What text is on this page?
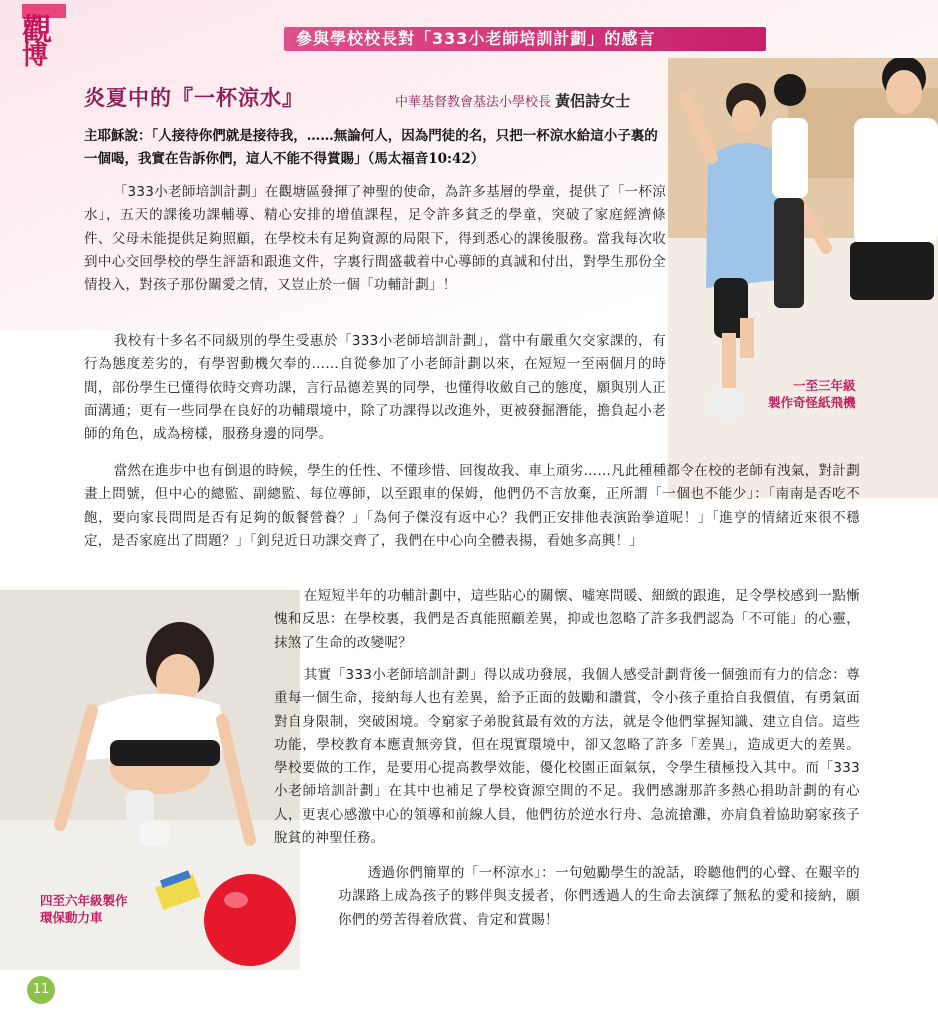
觀
博
參與學校校長對「333小老師培訓計劃」的感言
炎夏中的『一杯涼水』	中華基督教會基法小學校長 黃侶詩女士
主耶穌說：「人接待你們就是接待我，……無論何人，因為門徒的名，只把一杯涼水給這小子裏的一個喝，我實在告訴你們，這人不能不得賞賜」（馬太福音10:42）
一至三年級
製作奇怪紙飛機
四至六年級製作
環保動力車
「333小老師培訓計劃」在觀塘區發揮了神聖的使命，為許多基層的學童，提供了「一杯涼水」，五天的課後功課輔導、精心安排的增值課程，足令許多貧乏的學童，突破了家庭經濟條件、父母未能提供足夠照顧，在學校未有足夠資源的局限下，得到悉心的課後服務。當我每次收到中心交回學校的學生評語和跟進文件，字裏行間盛載着中心導師的真誠和付出，對學生那份全情投入，對孩子那份關愛之情，又豈止於一個「功輔計劃」！
我校有十多名不同級別的學生受惠於「333小老師培訓計劃」，當中有嚴重欠交家課的，有行為態度差劣的，有學習動機欠奉的……自從參加了小老師計劃以來，在短短一至兩個月的時間，部份學生已懂得依時交齊功課，言行品德差異的同學，也懂得收斂自己的態度，願與別人正面溝通；更有一些同學在良好的功輔環境中，除了功課得以改進外，更被發掘潛能，擔負起小老師的角色，成為榜樣，服務身邊的同學。
當然在進步中也有倒退的時候，學生的任性、不懂珍惜、回復故我、車上頑劣……凡此種種都令在校的老師有洩氣，對計劃畫上問號，但中心的總監、副總監、每位導師，以至跟車的保姆，他們仍不言放棄，正所謂「一個也不能少」：「南南是否吃不飽，要向家長問問是否有足夠的飯餐營養？」「為何子傑沒有返中心？我們正安排他表演跆拳道呢！」「進亨的情緒近來很不穩定，是否家庭出了問題？」「釗兒近日功課交齊了，我們在中心向全體表揚，看她多高興！」
在短短半年的功輔計劃中，這些貼心的關懷、噓寒問暖、細緻的跟進，足令學校感到一點慚愧和反思：在學校裏，我們是否真能照顧差異，抑或也忽略了許多我們認為「不可能」的心靈，抹煞了生命的改變呢？
其實「333小老師培訓計劃」得以成功發展，我個人感受計劃背後一個強而有力的信念：尊重每一個生命，接納每人也有差異，給予正面的鼓勵和讚賞，令小孩子重拾自我價值，有勇氣面對自身限制，突破困境。令窮家子弟脫貧最有效的方法，就是令他們掌握知識、建立自信。這些功能，學校教育本應責無旁貸，但在現實環境中，卻又忽略了許多「差異」，造成更大的差異。學校要做的工作，是要用心提高教學效能，優化校園正面氣氛，令學生積極投入其中。而「333小老師培訓計劃」在其中也補足了學校資源空間的不足。我們感謝那許多熱心捐助計劃的有心人，更衷心感激中心的領導和前線人員，他們彷於逆水行舟、急流搶灘，亦肩負着協助窮家孩子脫貧的神聖任務。
透過你們簡單的「一杯涼水」：一句勉勵學生的說話，聆聽他們的心聲、在艱辛的功課路上成為孩子的夥伴與支援者，你們透過人的生命去演繹了無私的愛和接納，願你們的勞苦得着欣賞、肯定和賞賜！
11
